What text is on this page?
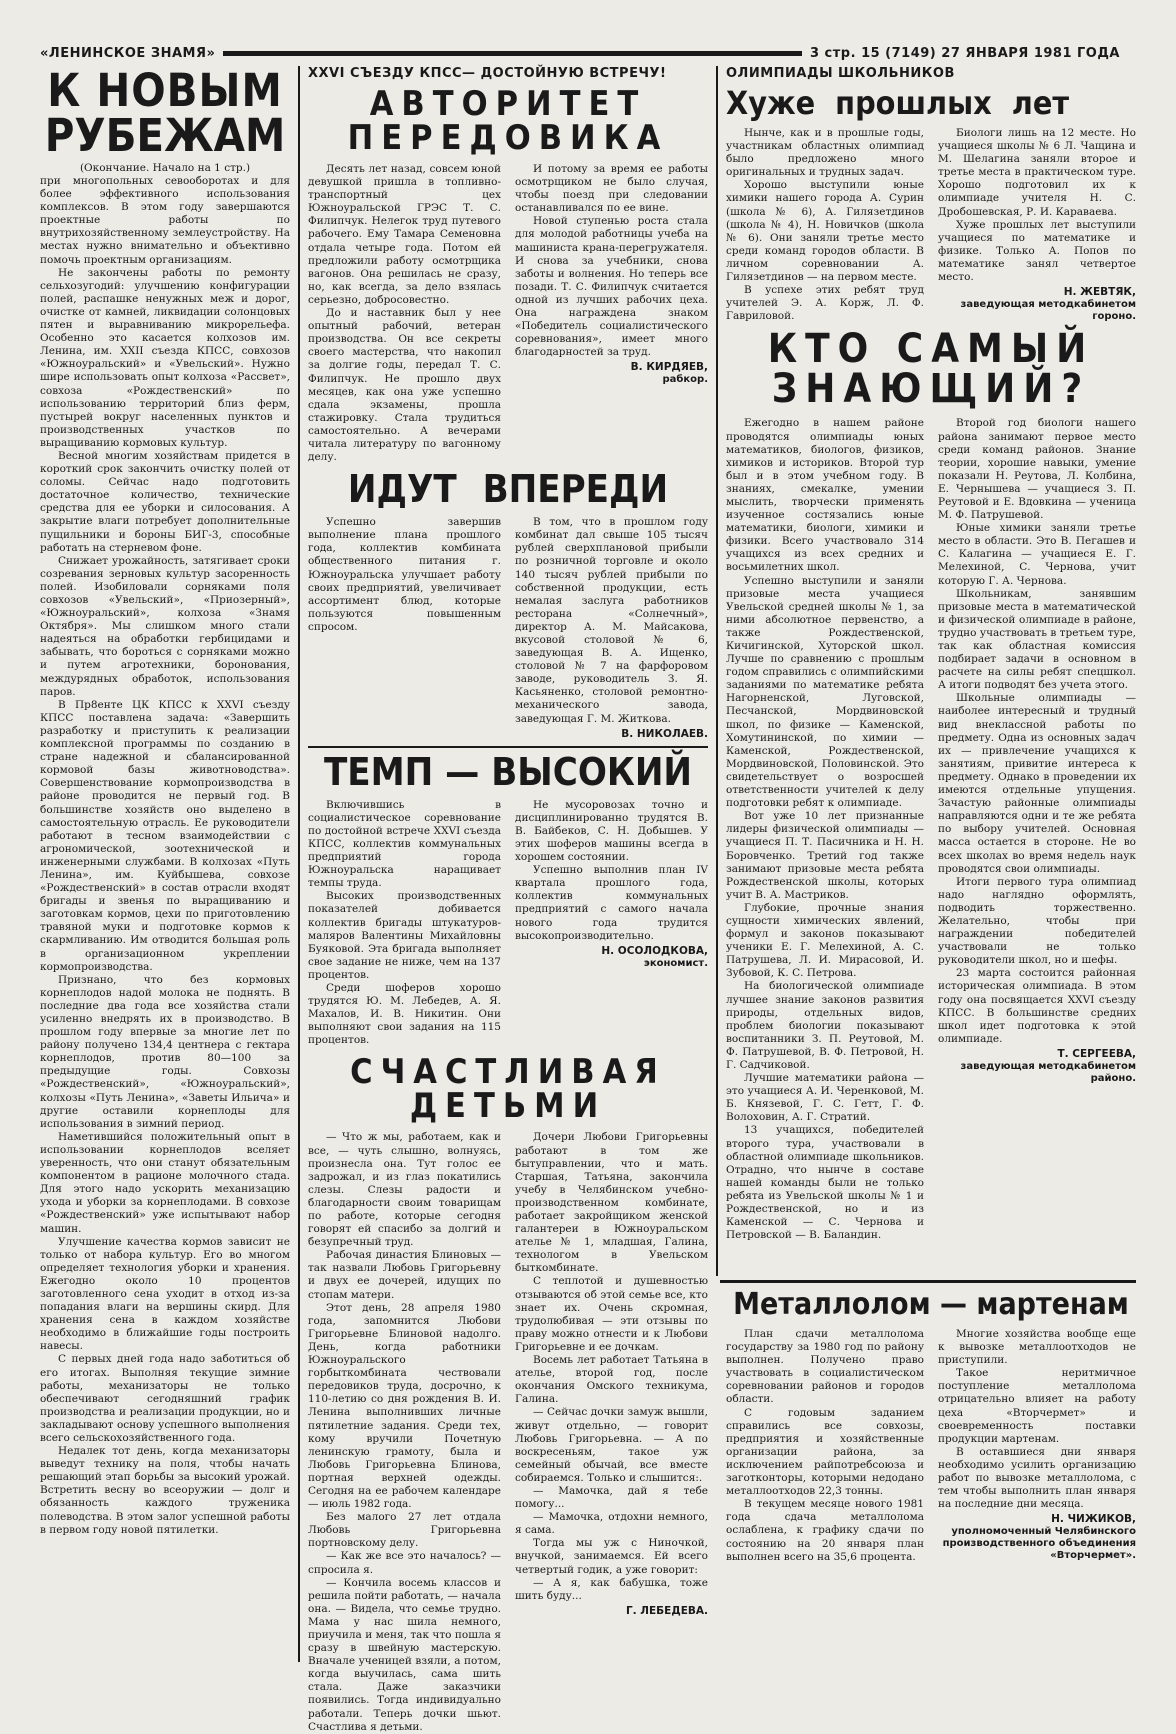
«ЛЕНИНСКОЕ ЗНАМЯ»	3 стр. 15 (7149) 27 ЯНВАРЯ 1981 ГОДА
К НОВЫМ
РУБЕЖАМ

(Окончание. Начало на 1 стр.)

при многопольных севооборотах и для более эффективного использования комплексов. В этом году завершаются проектные работы по внутрихозяйственному землеустройству. На местах нужно внимательно и объективно помочь проектным организациям.

Не закончены работы по ремонту сельхозугодий: улучшению конфигурации полей, распашке ненужных меж и дорог, очистке от камней, ликвидации солонцовых пятен и выравниванию микрорельефа. Особенно это касается колхозов им. Ленина, им. XXII съезда КПСС, совхозов «Южноуральский» и «Увельский». Нужно шире использовать опыт колхоза «Рассвет», совхоза «Рождественский» по использованию территорий близ ферм, пустырей вокруг населенных пунктов и производственных участков по выращиванию кормовых культур.

Весной многим хозяйствам придется в короткий срок закончить очистку полей от соломы. Сейчас надо подготовить достаточное количество, технические средства для ее уборки и силосования. А закрытие влаги потребует дополнительные пущильники и бороны БИГ-3, способные работать на стерневом фоне.

Снижает урожайность, затягивает сроки созревания зерновых культур засоренность полей. Изобиловали сорняками поля совхозов «Увельский», «Приозерный», «Южноуральский», колхоза «Знамя Октября». Мы слишком много стали надеяться на обработки гербицидами и забывать, что бороться с сорняками можно и путем агротехники, боронования, междурядных обработок, использования паров.

В Пр8енте ЦК КПСС к XXVI съезду КПСС поставлена задача: «Завершить разработку и приступить к реализации комплексной программы по созданию в стране надежной и сбалансированной кормовой базы животноводства». Совершенствование кормопроизводства в районе проводится не первый год. В большинстве хозяйств оно выделено в самостоятельную отрасль. Ее руководители работают в тесном взаимодействии с агрономической, зоотехнической и инженерными службами. В колхозах «Путь Ленина», им. Куйбышева, совхозе «Рождественский» в состав отрасли входят бригады и звенья по выращиванию и заготовкам кормов, цехи по приготовлению травяной муки и подготовке кормов к скармливанию. Им отводится большая роль в организационном укреплении кормопроизводства.

Признано, что без кормовых корнеплодов надой молока не поднять. В последние два года все хозяйства стали усиленно внедрять их в производство. В прошлом году впервые за многие лет по району получено 134,4 центнера с гектара корнеплодов, против 80—100 за предыдущие годы. Совхозы «Рождественский», «Южноуральский», колхозы «Путь Ленина», «Заветы Ильича» и другие оставили корнеплоды для использования в зимний период.

Наметившийся положительный опыт в использовании корнеплодов вселяет уверенность, что они станут обязательным компонентом в рационе молочного стада. Для этого надо ускорить механизацию ухода и уборки за корнеплодами. В совхозе «Рождественский» уже испытывают набор машин.

Улучшение качества кормов зависит не только от набора культур. Его во многом определяет технология уборки и хранения. Ежегодно около 10 процентов заготовленного сена уходит в отход из-за попадания влаги на вершины скирд. Для хранения сена в каждом хозяйстве необходимо в ближайшие годы построить навесы.

С первых дней года надо заботиться об его итогах. Выполняя текущие зимние работы, механизаторы не только обеспечивают сегодняшний график производства и реализации продукции, но и закладывают основу успешного выполнения всего сельскохозяйственного года.

Недалек тот день, когда механизаторы выведут технику на поля, чтобы начать решающий этап борьбы за высокий урожай. Встретить весну во всеоружии — долг и обязанность каждого труженика полеводства. В этом залог успешной работы в первом году новой пятилетки.

XXVI СЪЕЗДУ КПСС— ДОСТОЙНУЮ ВСТРЕЧУ!
АВТОРИТЕТ
ПЕРЕДОВИКА

Десять лет назад, совсем юной девушкой пришла в топливно-транспортный цех Южноуральской ГРЭС Т. С. Филипчук. Нелегок труд путевого рабочего. Ему Тамара Семеновна отдала четыре года. Потом ей предложили работу осмотрщика вагонов. Она решилась не сразу, но, как всегда, за дело взялась серьезно, добросовестно.

До и наставник был у нее опытный рабочий, ветеран производства. Он все секреты своего мастерства, что накопил за долгие годы, передал Т. С. Филипчук. Не прошло двух месяцев, как она уже успешно сдала экзамены, прошла стажировку. Стала трудиться самостоятельно. А вечерами читала литературу по вагонному делу.

И потому за время ее работы осмотрщиком не было случая, чтобы поезд при следовании останавливался по ее вине.

Новой ступенью роста стала для молодой работницы учеба на машиниста крана-перегружателя. И снова за учебники, снова заботы и волнения. Но теперь все позади. Т. С. Филипчук считается одной из лучших рабочих цеха. Она награждена знаком «Победитель социалистического соревнования», имеет много благодарностей за труд.

В. КИРДЯЕВ,

рабкор.

ИДУТ ВПЕРЕДИ

Успешно завершив выполнение плана прошлого года, коллектив комбината общественного питания г. Южноуральска улучшает работу своих предприятий, увеличивает ассортимент блюд, которые пользуются повышенным спросом.

В том, что в прошлом году комбинат дал свыше 105 тысяч рублей сверхплановой прибыли по розничной торговле и около 140 тысяч рублей прибыли по собственной продукции, есть немалая заслуга работников ресторана «Солнечный», директор А. М. Майсакова, вкусовой столовой № 6, заведующая В. А. Ищенко, столовой № 7 на фарфоровом заводе, руководитель З. Я. Касьяненко, столовой ремонтно-механического завода, заведующая Г. М. Житкова.

В. НИКОЛАЕВ.

ТЕМП — ВЫСОКИЙ

Включившись в социалистическое соревнование по достойной встрече XXVI съезда КПСС, коллектив коммунальных предприятий города Южноуральска наращивает темпы труда.

Высоких производственных показателей добивается коллектив бригады штукатуров-маляров Валентины Михайловны Буяковой. Эта бригада выполняет свое задание не ниже, чем на 137 процентов.

Среди шоферов хорошо трудятся Ю. М. Лебедев, А. Я. Махалов, И. В. Никитин. Они выполняют свои задания на 115 процентов.

Не мусоровозах точно и дисциплинированно трудятся В. В. Байбеков, С. Н. Добышев. У этих шоферов машины всегда в хорошем состоянии.

Успешно выполнив план IV квартала прошлого года, коллектив коммунальных предприятий с самого начала нового года трудится высокопроизводительно.

Н. ОСОЛОДКОВА,

экономист.

СЧАСТЛИВАЯ
ДЕТЬМИ

— Что ж мы, работаем, как и все, — чуть слышно, волнуясь, произнесла она. Тут голос ее задрожал, и из глаз покатились слезы. Слезы радости и благодарности своим товарищам по работе, которые сегодня говорят ей спасибо за долгий и безупречный труд.

Рабочая династия Блиновых — так назвали Любовь Григорьевну и двух ее дочерей, идущих по стопам матери.

Этот день, 28 апреля 1980 года, запомнится Любови Григорьевне Блиновой надолго. День, когда работники Южноуральского горбыткомбината чествовали передовиков труда, досрочно, к 110-летию со дня рождения В. И. Ленина выполнивших личные пятилетние задания. Среди тех, кому вручили Почетную ленинскую грамоту, была и Любовь Григорьевна Блинова, портная верхней одежды. Сегодня на ее рабочем календаре — июль 1982 года.

Без малого 27 лет отдала Любовь Григорьевна портновскому делу.

— Как же все это началось? — спросила я.

— Кончила восемь классов и решила пойти работать, — начала она. — Видела, что семье трудно. Мама у нас шила немного, приучила и меня, так что пошла я сразу в швейную мастерскую. Вначале ученицей взяли, а потом, когда выучилась, сама шить стала. Даже заказчики появились. Тогда индивидуально работали. Теперь дочки шьют. Счастлива я детьми.

Дочери Любови Григорьевны работают в том же бытуправлении, что и мать. Старшая, Татьяна, закончила учебу в Челябинском учебно-производственном комбинате, работает закройщиком женской галантереи в Южноуральском ателье № 1, младшая, Галина, технологом в Увельском быткомбинате.

С теплотой и душевностью отзываются об этой семье все, кто знает их. Очень скромная, трудолюбивая — эти отзывы по праву можно отнести и к Любови Григорьевне и ее дочкам.

Восемь лет работает Татьяна в ателье, второй год, после окончания Омского техникума, Галина.

— Сейчас дочки замуж вышли, живут отдельно, — говорит Любовь Григорьевна. — А по воскресеньям, такое уж семейный обычай, все вместе собираемся. Только и слышится:.

— Мамочка, дай я тебе помогу...

— Мамочка, отдохни немного, я сама.

Тогда мы уж с Ниночкой, внучкой, занимаемся. Ей всего четвертый годик, а уже говорит:

— А я, как бабушка, тоже шить буду...

Г. ЛЕБЕДЕВА.

ОЛИМПИАДЫ ШКОЛЬНИКОВ
Хуже прошлых лет

Нынче, как и в прошлые годы, участникам областных олимпиад было предложено много оригинальных и трудных задач.

Хорошо выступили юные химики нашего города А. Сурин (школа № 6), А. Гилязетдинов (школа № 4), Н. Новичков (школа № 6). Они заняли третье место среди команд городов области. В личном соревновании А. Гилязетдинов — на первом месте.

В успехе этих ребят труд учителей Э. А. Корж, Л. Ф. Гавриловой.

Биологи лишь на 12 месте. Но учащиеся школы № 6 Л. Чащина и М. Шелагина заняли второе и третье места в практическом туре. Хорошо подготовил их к олимпиаде учителя Н. С. Дробошевская, Р. И. Караваева.

Хуже прошлых лет выступили учащиеся по математике и физике. Только А. Попов по математике занял четвертое место.

Н. ЖЕВТЯК,

заведующая методкабинетом гороно.

КТО САМЫЙ
ЗНАЮЩИЙ?

Ежегодно в нашем районе проводятся олимпиады юных математиков, биологов, физиков, химиков и историков. Второй тур был и в этом учебном году. В знаниях, смекалке, умении мыслить, творчески применять изученное состязались юные математики, биологи, химики и физики. Всего участвовало 314 учащихся из всех средних и восьмилетних школ.

Успешно выступили и заняли призовые места учащиеся Увельской средней школы № 1, за ними абсолютное первенство, а также Рождественской, Кичигинской, Хуторской школ. Лучше по сравнению с прошлым годом справились с олимпийскими заданиями по математике ребята Нагорненской, Луговской, Песчанской, Мордвиновской школ, по физике — Каменской, Хомутининской, по химии — Каменской, Рождественской, Мордвиновской, Половинской. Это свидетельствует о возросшей ответственности учителей к делу подготовки ребят к олимпиаде.

Вот уже 10 лет признанные лидеры физической олимпиады — учащиеся П. Т. Пасичника и Н. Н. Боровченко. Третий год также занимают призовые места ребята Рождественской школы, которых учит В. А. Мастриков.

Глубокие, прочные знания сущности химических явлений, формул и законов показывают ученики Е. Г. Мелехиной, А. С. Патрушева, Л. И. Мирасовой, И. Зубовой, К. С. Петрова.

На биологической олимпиаде лучшее знание законов развития природы, отдельных видов, проблем биологии показывают воспитанники З. П. Реутовой, М. Ф. Патрушевой, В. Ф. Петровой, Н. Г. Садчиковой.

Лучшие математики района — это учащиеся А. И. Черенковой, М. Б. Князевой, Г. С. Гетт, Г. Ф. Волоховин, А. Г. Стратий.

13 учащихся, победителей второго тура, участвовали в областной олимпиаде школьников. Отрадно, что нынче в составе нашей команды были не только ребята из Увельской школы № 1 и Рождественской, но и из Каменской — С. Чернова и Петровской — В. Баландин.

Второй год биологи нашего района занимают первое место среди команд районов. Знание теории, хорошие навыки, умение показали Н. Реутова, Л. Колбина, Е. Чернышева — учащиеся З. П. Реутовой и Е. Вдовкина — ученица М. Ф. Патрушевой.

Юные химики заняли третье место в области. Это В. Пегашев и С. Калагина — учащиеся Е. Г. Мелехиной, С. Чернова, учит которую Г. А. Чернова.

Школьникам, занявшим призовые места в математической и физической олимпиаде в районе, трудно участвовать в третьем туре, так как областная комиссия подбирает задачи в основном в расчете на силы ребят спецшкол. А итоги подводят без учета этого.

Школьные олимпиады — наиболее интересный и трудный вид внеклассной работы по предмету. Одна из основных задач их — привлечение учащихся к занятиям, привитие интереса к предмету. Однако в проведении их имеются отдельные упущения. Зачастую районные олимпиады направляются одни и те же ребята по выбору учителей. Основная масса остается в стороне. Не во всех школах во время недель наук проводятся свои олимпиады.

Итоги первого тура олимпиад надо наглядно оформлять, подводить торжественно. Желательно, чтобы при награждении победителей участвовали не только руководители школ, но и шефы.

23 марта состоится районная историческая олимпиада. В этом году она посвящается XXVI съезду КПСС. В большинстве средних школ идет подготовка к этой олимпиаде.

Т. СЕРГЕЕВА,

заведующая методкабинетом районо.

Металлолом — мартенам

План сдачи металлолома государству за 1980 год по району выполнен. Получено право участвовать в социалистическом соревновании районов и городов области.

С годовым заданием справились все совхозы, предприятия и хозяйственные организации района, за исключением райпотребсоюза и заготконторы, которыми недодано металлоотходов 22,3 тонны.

В текущем месяце нового 1981 года сдача металлолома ослаблена, к графику сдачи по состоянию на 20 января план выполнен всего на 35,6 процента.

Многие хозяйства вообще еще к вывозке металлоотходов не приступили.

Такое неритмичное поступление металлолома отрицательно влияет на работу цеха «Вторчермет» и своевременность поставки продукции мартенам.

В оставшиеся дни января необходимо усилить организацию работ по вывозке металлолома, с тем чтобы выполнить план января на последние дни месяца.

Н. ЧИЖИКОВ,

уполномоченный Челябинского производственного объединения «Вторчермет».
